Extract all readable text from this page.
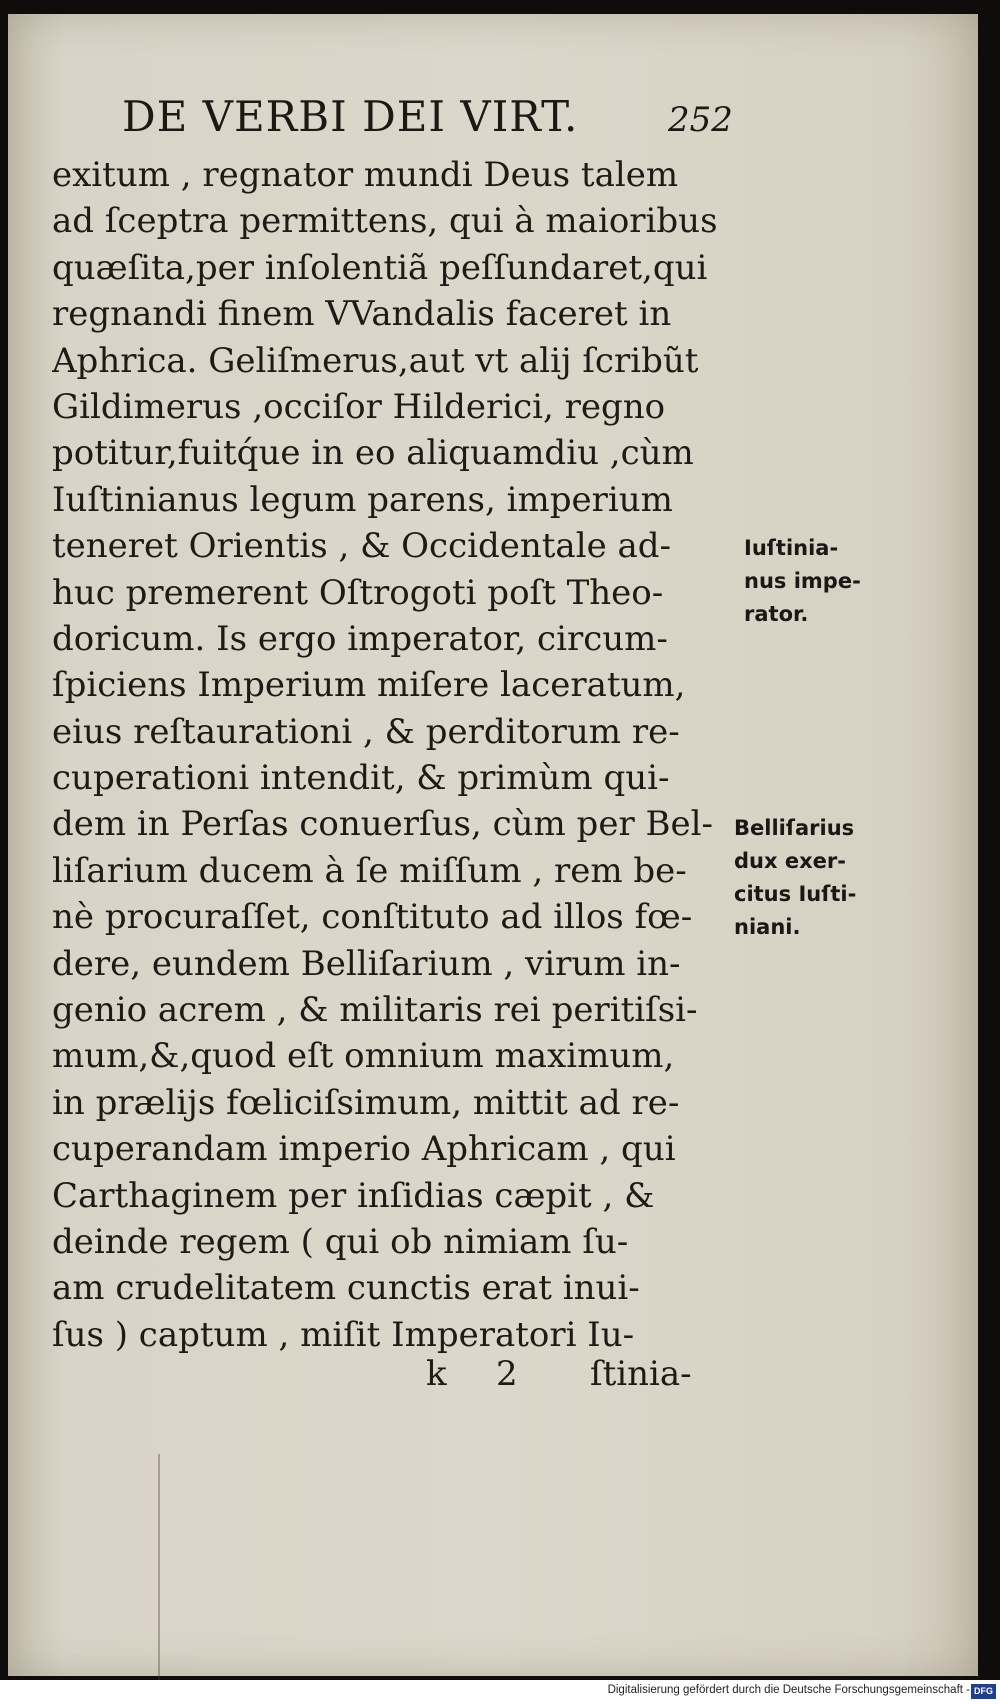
DE VERBI DEI VIRT.	252
exitum , regnator mundi Deus talem
ad ſceptra permittens, qui à maioribus
quæſita,per inſolentiã peſſundaret,qui
regnandi finem VVandalis faceret in
Aphrica. Geliſmerus,aut vt alij ſcribũt
Gildimerus ,occiſor Hilderici, regno
potitur,fuitq́ue in eo aliquamdiu ,cùm
Iuſtinianus legum parens, imperium
teneret Orientis , & Occidentale ad-
huc premerent Oſtrogoti poſt Theo-
doricum. Is ergo imperator, circum-
ſpiciens Imperium miſere laceratum,
eius reſtaurationi , & perditorum re-
cuperationi intendit, & primùm qui-
dem in Perſas conuerſus, cùm per Bel-
liſarium ducem à ſe miſſum , rem be-
nè procuraſſet, conſtituto ad illos fœ-
dere, eundem Belliſarium , virum in-
genio acrem , & militaris rei peritiſsi-
mum,&,quod eſt omnium maximum,
in prælijs fœliciſsimum, mittit ad re-
cuperandam imperio Aphricam , qui
Carthaginem per inſidias cæpit , &
deinde regem ( qui ob nimiam ſu-
am crudelitatem cunctis erat inui-
ſus ) captum , miſit Imperatori Iu-
k 2 ſtinia-
Iuſtinia-
nus impe-
rator.
Belliſarius
dux exer-
citus Iuſti-
niani.
Digitalisierung gefördert durch die Deutsche Forschungsgemeinschaft - DFG
